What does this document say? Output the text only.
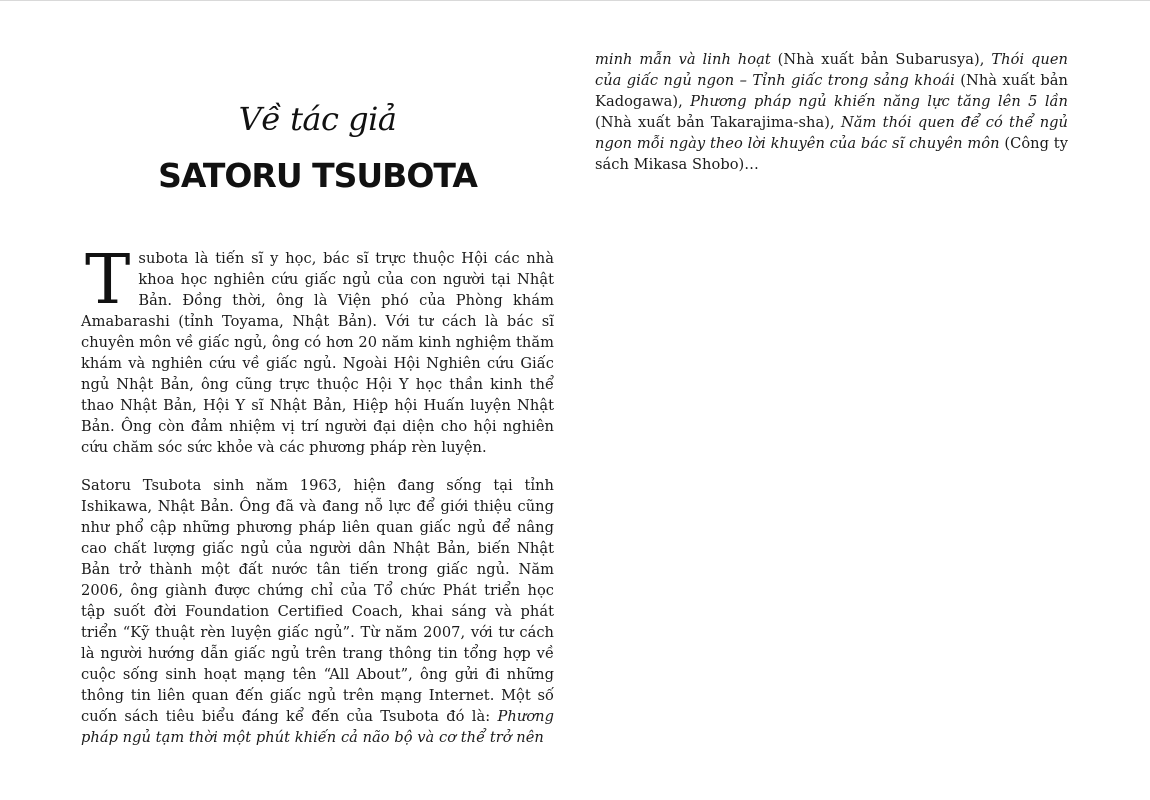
Về tác giả
SATORU TSUBOTA

Tsubota là tiến sĩ y học, bác sĩ trực thuộc Hội các nhà khoa học nghiên cứu giấc ngủ của con người tại Nhật Bản. Đồng thời, ông là Viện phó của Phòng khám Amabarashi (tỉnh Toyama, Nhật Bản). Với tư cách là bác sĩ chuyên môn về giấc ngủ, ông có hơn 20 năm kinh nghiệm thăm khám và nghiên cứu về giấc ngủ. Ngoài Hội Nghiên cứu Giấc ngủ Nhật Bản, ông cũng trực thuộc Hội Y học thần kinh thể thao Nhật Bản, Hội Y sĩ Nhật Bản, Hiệp hội Huấn luyện Nhật Bản. Ông còn đảm nhiệm vị trí người đại diện cho hội nghiên cứu chăm sóc sức khỏe và các phương pháp rèn luyện.

Satoru Tsubota sinh năm 1963, hiện đang sống tại tỉnh Ishikawa, Nhật Bản. Ông đã và đang nỗ lực để giới thiệu cũng như phổ cập những phương pháp liên quan giấc ngủ để nâng cao chất lượng giấc ngủ của người dân Nhật Bản, biến Nhật Bản trở thành một đất nước tân tiến trong giấc ngủ. Năm 2006, ông giành được chứng chỉ của Tổ chức Phát triển học tập suốt đời Foundation Certified Coach, khai sáng và phát triển “Kỹ thuật rèn luyện giấc ngủ”. Từ năm 2007, với tư cách là người hướng dẫn giấc ngủ trên trang thông tin tổng hợp về cuộc sống sinh hoạt mạng tên “All About”, ông gửi đi những thông tin liên quan đến giấc ngủ trên mạng Internet. Một số cuốn sách tiêu biểu đáng kể đến của Tsubota đó là: Phương pháp ngủ tạm thời một phút khiến cả não bộ và cơ thể trở nên

minh mẫn và linh hoạt (Nhà xuất bản Subarusya), Thói quen của giấc ngủ ngon – Tỉnh giấc trong sảng khoái (Nhà xuất bản Kadogawa), Phương pháp ngủ khiến năng lực tăng lên 5 lần (Nhà xuất bản Takarajima-sha), Năm thói quen để có thể ngủ ngon mỗi ngày theo lời khuyên của bác sĩ chuyên môn (Công ty sách Mikasa Shobo)…
